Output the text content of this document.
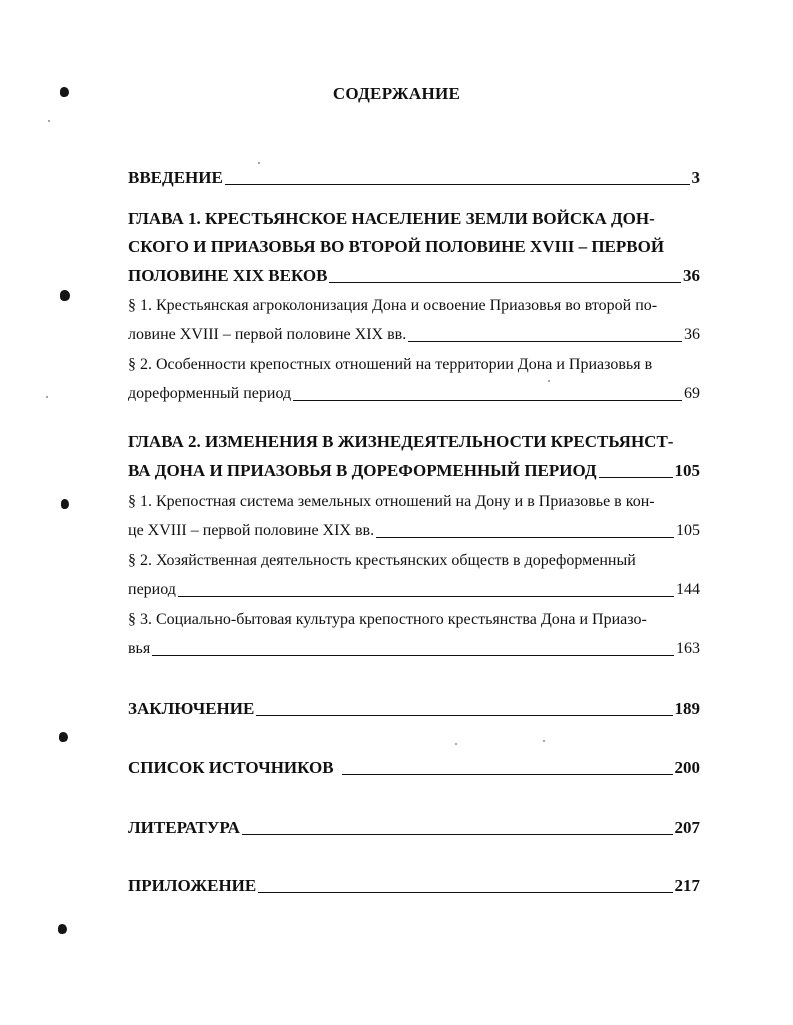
СОДЕРЖАНИЕ
ВВЕДЕНИЕ	3
ГЛАВА 1. КРЕСТЬЯНСКОЕ НАСЕЛЕНИЕ ЗЕМЛИ ВОЙСКА ДОН-
СКОГО И ПРИАЗОВЬЯ ВО ВТОРОЙ ПОЛОВИНЕ XVIII – ПЕРВОЙ
ПОЛОВИНЕ XIX ВЕКОВ	36
§ 1. Крестьянская агроколонизация Дона и освоение Приазовья во второй по-
ловине XVIII – первой половине XIX вв.	36
§ 2. Особенности крепостных отношений на территории Дона и Приазовья в
дореформенный период	69
ГЛАВА 2. ИЗМЕНЕНИЯ В ЖИЗНЕДЕЯТЕЛЬНОСТИ КРЕСТЬЯНСТ-
ВА ДОНА И ПРИАЗОВЬЯ В ДОРЕФОРМЕННЫЙ ПЕРИОД	105
§ 1. Крепостная система земельных отношений на Дону и в Приазовье в кон-
це XVIII – первой половине XIX вв.	105
§ 2. Хозяйственная деятельность крестьянских обществ в дореформенный
период	144
§ 3. Социально-бытовая культура крепостного крестьянства Дона и Приазо-
вья	163
ЗАКЛЮЧЕНИЕ	189
СПИСОК ИСТОЧНИКОВ	200
ЛИТЕРАТУРА	207
ПРИЛОЖЕНИЕ	217
